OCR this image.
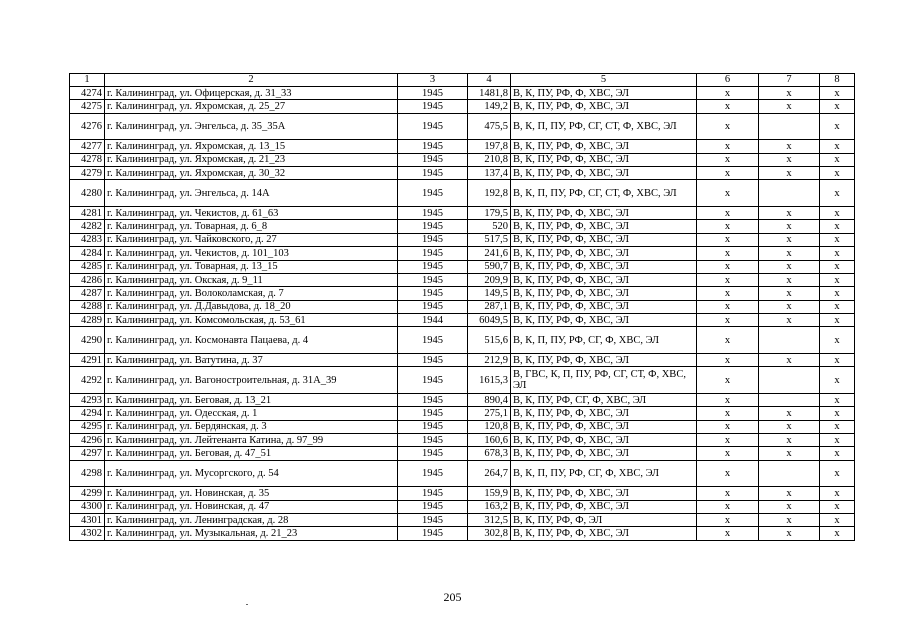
1	2	3	4	5	6	7	8
4274	г. Калининград, ул. Офицерская, д. 31_33	1945	1481,8	В, К, ПУ, РФ, Ф, ХВС, ЭЛ	x	x	x
4275	г. Калининград, ул. Яхромская, д. 25_27	1945	149,2	В, К, ПУ, РФ, Ф, ХВС, ЭЛ	x	x	x
4276	г. Калининград, ул. Энгельса, д. 35_35А	1945	475,5	В, К, П, ПУ, РФ, СГ, СТ, Ф, ХВС, ЭЛ	x		x
4277	г. Калининград, ул. Яхромская, д. 13_15	1945	197,8	В, К, ПУ, РФ, Ф, ХВС, ЭЛ	x	x	x
4278	г. Калининград, ул. Яхромская, д. 21_23	1945	210,8	В, К, ПУ, РФ, Ф, ХВС, ЭЛ	x	x	x
4279	г. Калининград, ул. Яхромская, д. 30_32	1945	137,4	В, К, ПУ, РФ, Ф, ХВС, ЭЛ	x	x	x
4280	г. Калининград, ул. Энгельса, д. 14А	1945	192,8	В, К, П, ПУ, РФ, СГ, СТ, Ф, ХВС, ЭЛ	x		x
4281	г. Калининград, ул. Чекистов, д. 61_63	1945	179,5	В, К, ПУ, РФ, Ф, ХВС, ЭЛ	x	x	x
4282	г. Калининград, ул. Товарная, д. 6_8	1945	520	В, К, ПУ, РФ, Ф, ХВС, ЭЛ	x	x	x
4283	г. Калининград, ул. Чайковского, д. 27	1945	517,5	В, К, ПУ, РФ, Ф, ХВС, ЭЛ	x	x	x
4284	г. Калининград, ул. Чекистов, д. 101_103	1945	241,6	В, К, ПУ, РФ, Ф, ХВС, ЭЛ	x	x	x
4285	г. Калининград, ул. Товарная, д. 13_15	1945	590,7	В, К, ПУ, РФ, Ф, ХВС, ЭЛ	x	x	x
4286	г. Калининград, ул. Окская, д. 9_11	1945	209,9	В, К, ПУ, РФ, Ф, ХВС, ЭЛ	x	x	x
4287	г. Калининград, ул. Волоколамская, д. 7	1945	149,5	В, К, ПУ, РФ, Ф, ХВС, ЭЛ	x	x	x
4288	г. Калининград, ул. Д.Давыдова, д. 18_20	1945	287,1	В, К, ПУ, РФ, Ф, ХВС, ЭЛ	x	x	x
4289	г. Калининград, ул. Комсомольская, д. 53_61	1944	6049,5	В, К, ПУ, РФ, Ф, ХВС, ЭЛ	x	x	x
4290	г. Калининград, ул. Космонавта Пацаева, д. 4	1945	515,6	В, К, П, ПУ, РФ, СГ, Ф, ХВС, ЭЛ	x		x
4291	г. Калининград, ул. Ватутина, д. 37	1945	212,9	В, К, ПУ, РФ, Ф, ХВС, ЭЛ	x	x	x
4292	г. Калининград, ул. Вагоностроительная, д. 31А_39	1945	1615,3	В, ГВС, К, П, ПУ, РФ, СГ, СТ, Ф, ХВС, ЭЛ	x		x
4293	г. Калининград, ул. Беговая, д. 13_21	1945	890,4	В, К, ПУ, РФ, СГ, Ф, ХВС, ЭЛ	x		x
4294	г. Калининград, ул. Одесская, д. 1	1945	275,1	В, К, ПУ, РФ, Ф, ХВС, ЭЛ	x	x	x
4295	г. Калининград, ул. Бердянская, д. 3	1945	120,8	В, К, ПУ, РФ, Ф, ХВС, ЭЛ	x	x	x
4296	г. Калининград, ул. Лейтенанта Катина, д. 97_99	1945	160,6	В, К, ПУ, РФ, Ф, ХВС, ЭЛ	x	x	x
4297	г. Калининград, ул. Беговая, д. 47_51	1945	678,3	В, К, ПУ, РФ, Ф, ХВС, ЭЛ	x	x	x
4298	г. Калининград, ул. Мусоргского, д. 54	1945	264,7	В, К, П, ПУ, РФ, СГ, Ф, ХВС, ЭЛ	x		x
4299	г. Калининград, ул. Новинская, д. 35	1945	159,9	В, К, ПУ, РФ, Ф, ХВС, ЭЛ	x	x	x
4300	г. Калининград, ул. Новинская, д. 47	1945	163,2	В, К, ПУ, РФ, Ф, ХВС, ЭЛ	x	x	x
4301	г. Калининград, ул. Ленинградская, д. 28	1945	312,5	В, К, ПУ, РФ, Ф, ЭЛ	x	x	x
4302	г. Калининград, ул. Музыкальная, д. 21_23	1945	302,8	В, К, ПУ, РФ, Ф, ХВС, ЭЛ	x	x	x
205
